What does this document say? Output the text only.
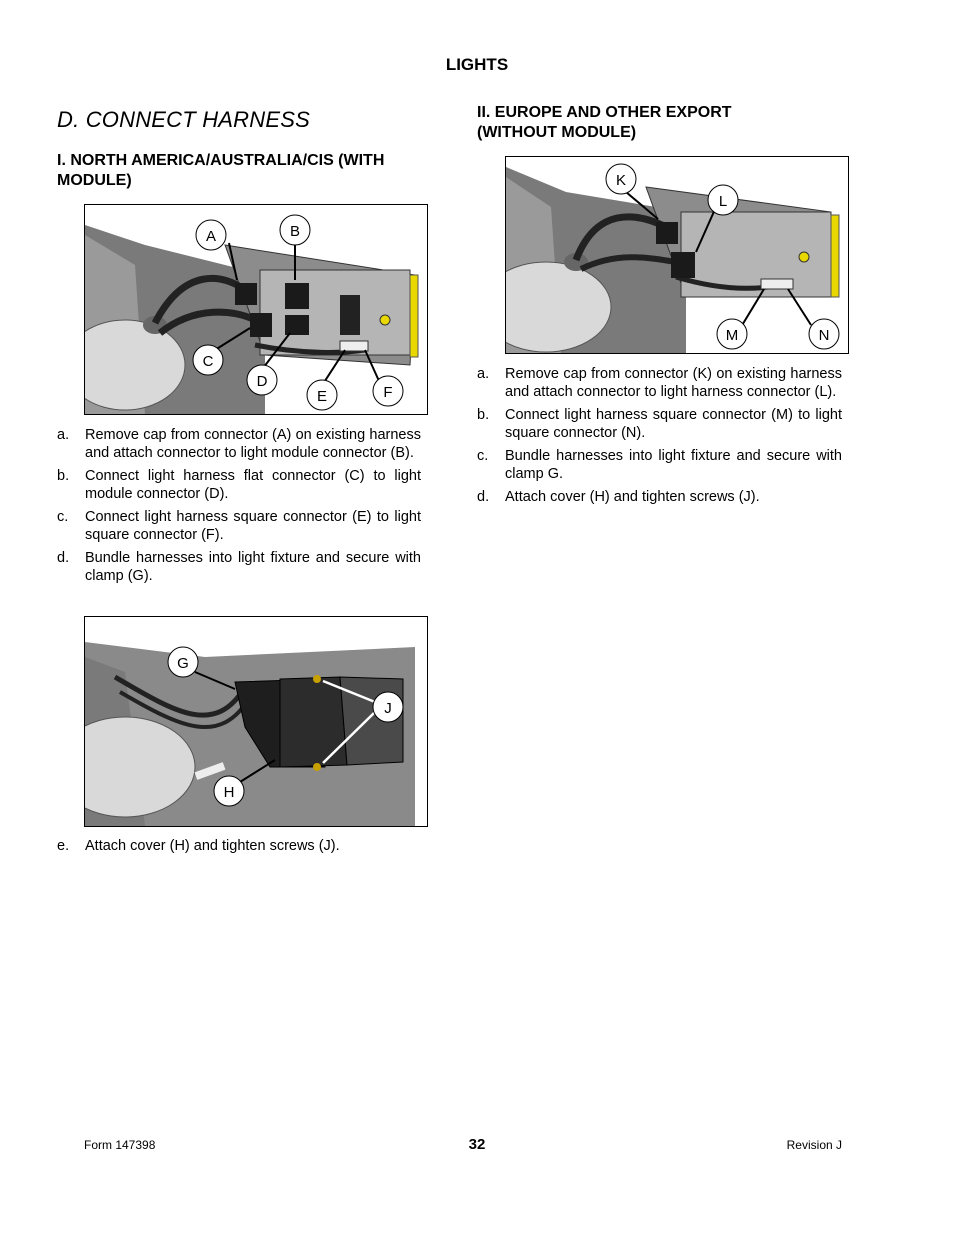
LIGHTS
D. CONNECT HARNESS
I. NORTH AMERICA/AUSTRALIA/CIS (WITH MODULE)
A	B
C
D
E	F
a. Remove cap from connector (A) on existing harness and attach connector to light module connector (B).
b. Connect light harness flat connector (C) to light module connector (D).
c. Connect light harness square connector (E) to light square connector (F).
d. Bundle harnesses into light fixture and secure with clamp (G).
G
J
H
e. Attach cover (H) and tighten screws (J).
II. EUROPE AND OTHER EXPORT (WITHOUT MODULE)
K
L
M	N
a. Remove cap from connector (K) on existing harness and attach connector to light harness connector (L).
b. Connect light harness square connector (M) to light square connector (N).
c. Bundle harnesses into light fixture and secure with clamp G.
d. Attach cover (H) and tighten screws (J).
Form 147398	32	Revision J
